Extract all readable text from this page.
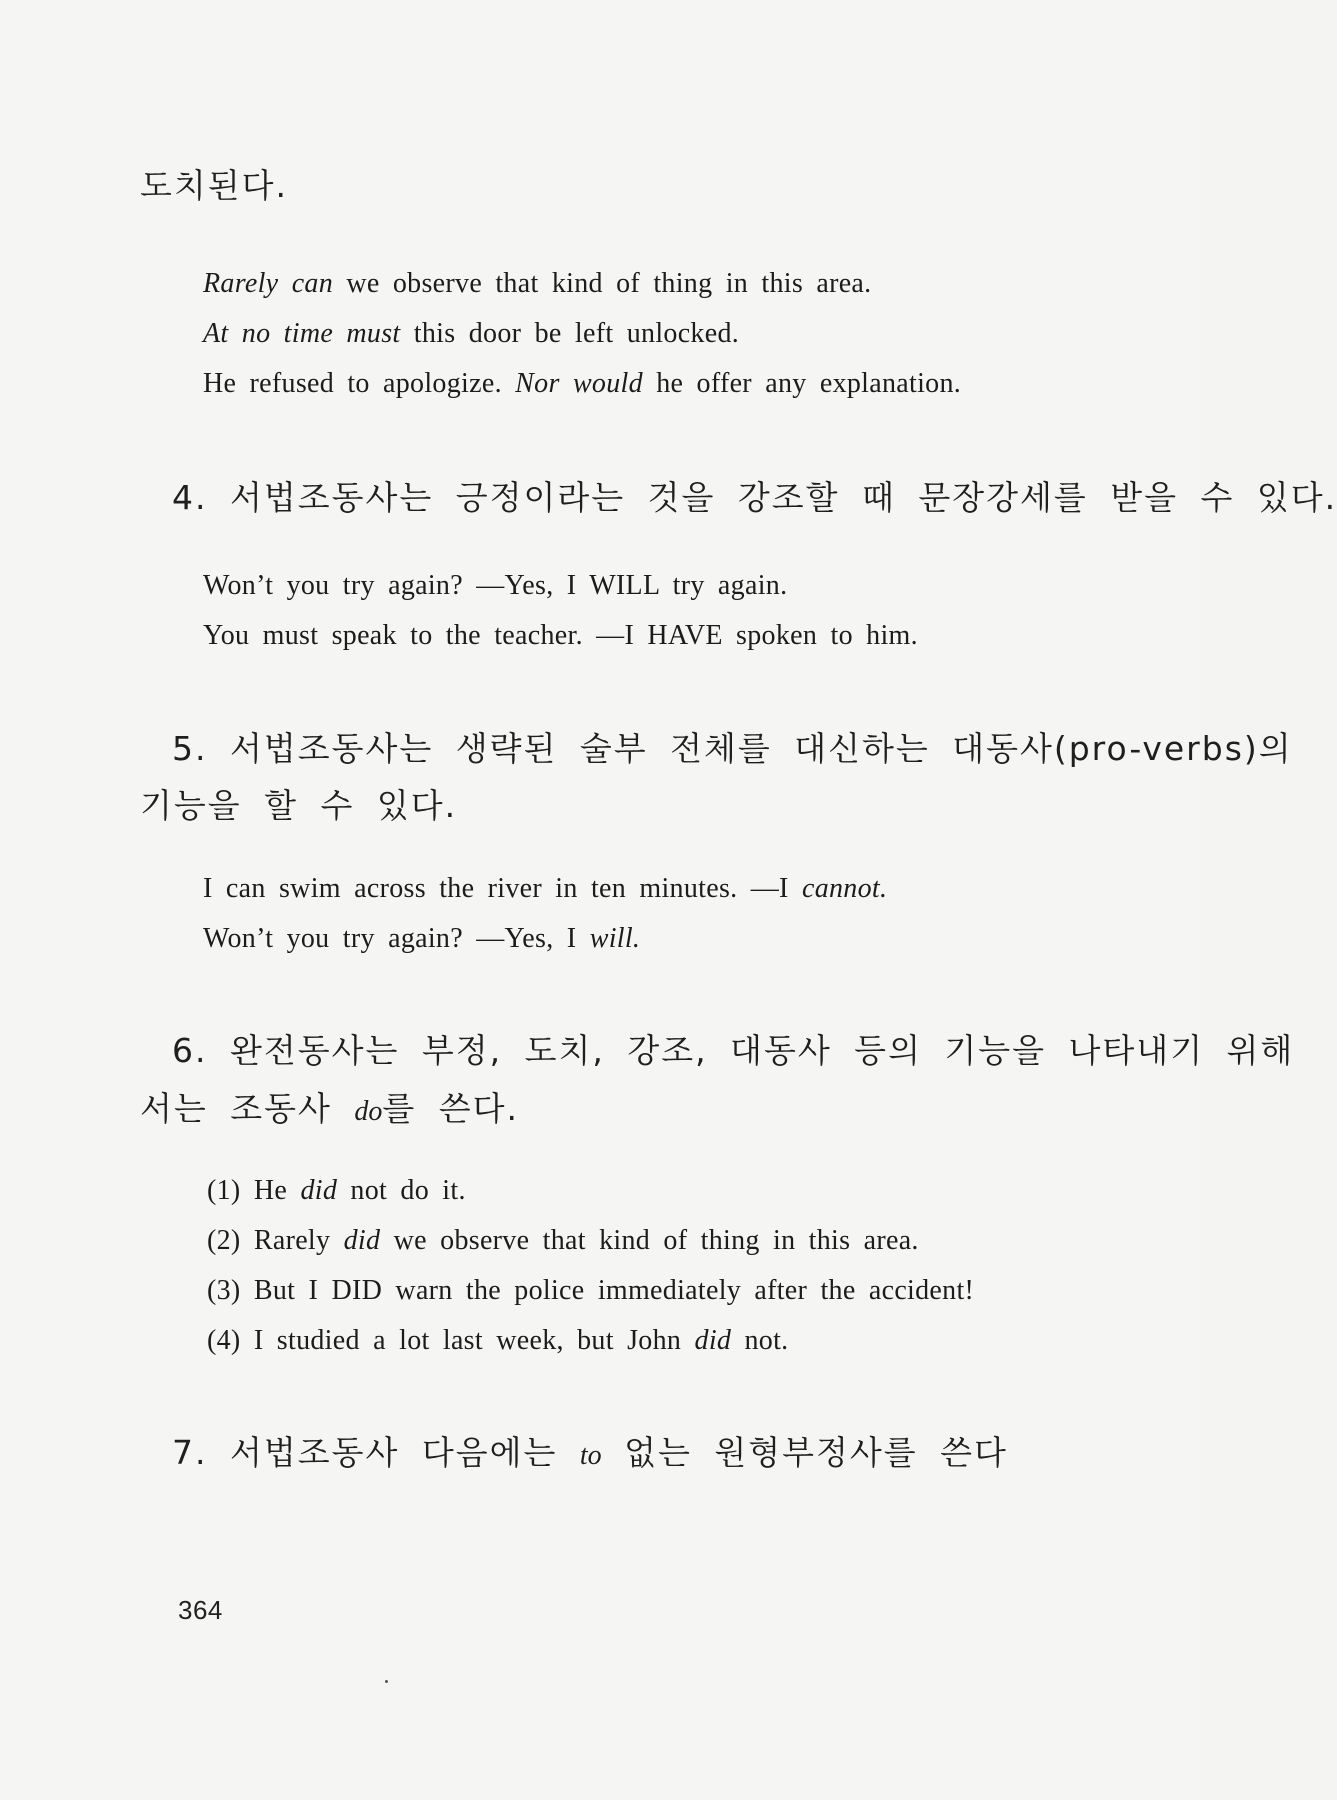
도치된다.
Rarely can we observe that kind of thing in this area.
At no time must this door be left unlocked.
He refused to apologize. Nor would he offer any explanation.
4. 서법조동사는 긍정이라는 것을 강조할 때 문장강세를 받을 수 있다.
Won’t you try again? —Yes, I WILL try again.
You must speak to the teacher. —I HAVE spoken to him.
5. 서법조동사는 생략된 술부 전체를 대신하는 대동사(pro-verbs)의
기능을 할 수 있다.
I can swim across the river in ten minutes. —I cannot.
Won’t you try again? —Yes, I will.
6. 완전동사는 부정, 도치, 강조, 대동사 등의 기능을 나타내기 위해
서는 조동사 do를 쓴다.
(1) He did not do it.
(2) Rarely did we observe that kind of thing in this area.
(3) But I DID warn the police immediately after the accident!
(4) I studied a lot last week, but John did not.
7. 서법조동사 다음에는 to 없는 원형부정사를 쓴다
364
